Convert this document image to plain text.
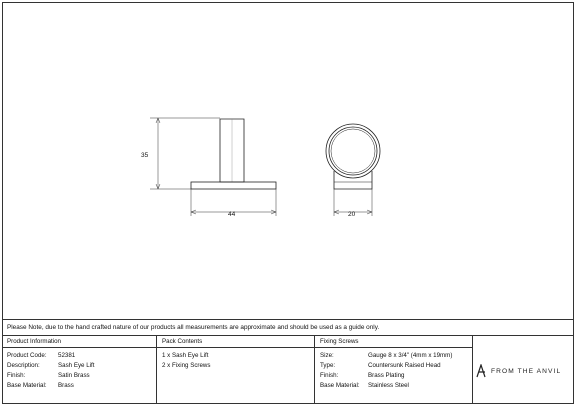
35
44	20
Please Note, due to the hand crafted nature of our products all measurements are approximate and should be used as a guide only.
Product Information
Product Code: 52381
Description:	Sash Eye Lift
Finish:	Satin Brass
Base Material: Brass
Pack Contents
1 x Sash Eye Lift
2 x Fixing Screws
Fixing Screws
Size:	Gauge 8 x 3/4" (4mm x 19mm)
Type:	Countersunk Raised Head
Finish:	Brass Plating
Base Material: Stainless Steel
FROM THE ANVIL
